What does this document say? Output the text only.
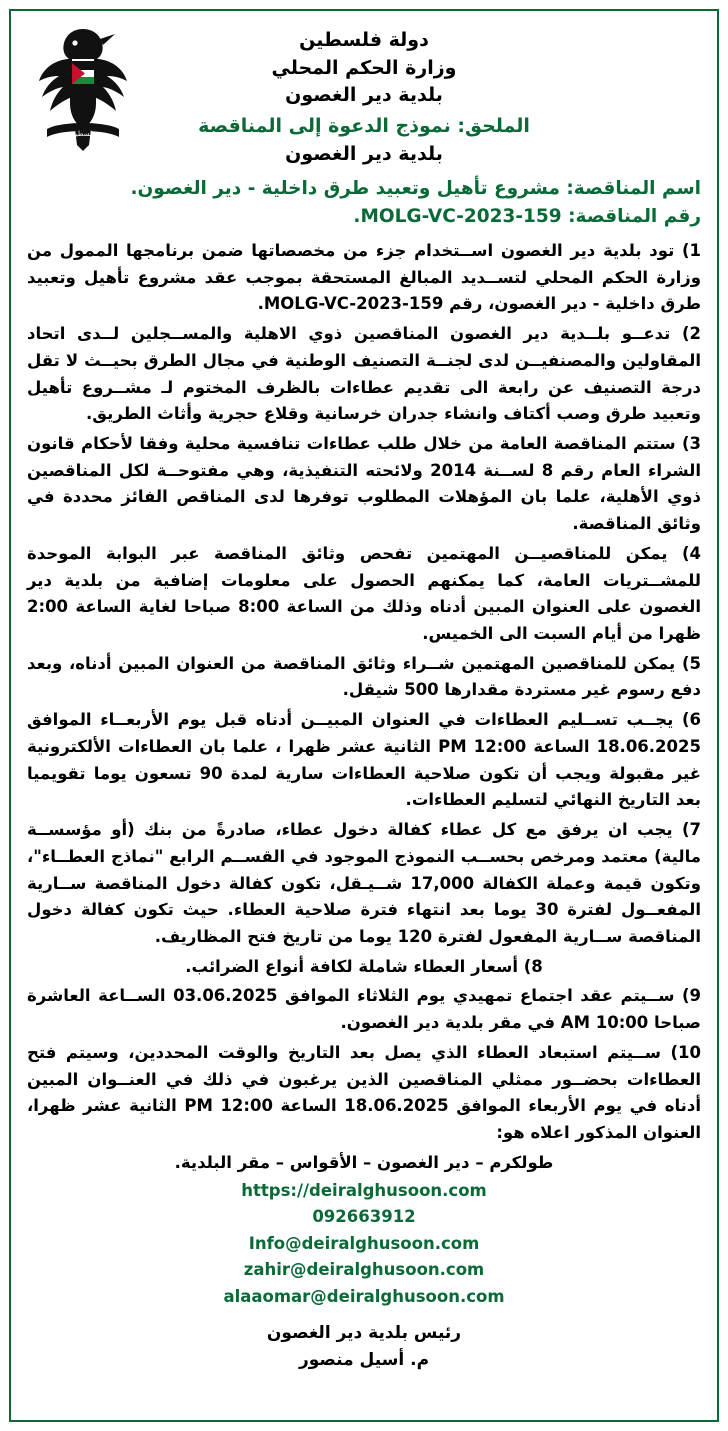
فلسطين
دولة فلسطين
وزارة الحكم المحلي
بلدية دير الغصون
الملحق: نموذج الدعوة إلى المناقصة
بلدية دير الغصون
اسم المناقصة: مشروع تأهيل وتعبيد طرق داخلية - دير الغصون.
رقم المناقصة: MOLG-VC-2023-159.

1) تود بلدية دير الغصون اســتخدام جزء من مخصصاتها ضمن برنامجها الممول من وزارة الحكم المحلي لتســديد المبالغ المستحقة بموجب عقد مشروع تأهيل وتعبيد طرق داخلية - دير الغصون، رقم MOLG-VC-2023-159.

2) تدعــو بلــدية دير الغصون المناقصين ذوي الاهلية والمســجلين لــدى اتحاد المقاولين والمصنفيــن لدى لجنــة التصنيف الوطنية في مجال الطرق بحيــث لا تقل درجة التصنيف عن رابعة الى تقديم عطاءات بالظرف المختوم لـ مشــروع تأهيل وتعبيد طرق وصب أكتاف وانشاء جدران خرسانية وقلاع حجرية وأثاث الطريق.

3) ستتم المناقصة العامة من خلال طلب عطاءات تنافسية محلية وفقا لأحكام قانون الشراء العام رقم 8 لســنة 2014 ولائحته التنفيذية، وهي مفتوحــة لكل المناقصين ذوي الأهلية، علما بان المؤهلات المطلوب توفرها لدى المناقص الفائز محددة في وثائق المناقصة.

4) يمكن للمناقصيــن المهتمين تفحص وثائق المناقصة عبر البوابة الموحدة للمشــتريات العامة، كما يمكنهم الحصول على معلومات إضافية من بلدية دير الغصون على العنوان المبين أدناه وذلك من الساعة 8:00 صباحا لغاية الساعة 2:00 ظهرا من أيام السبت الى الخميس.

5) يمكن للمناقصين المهتمين شــراء وثائق المناقصة من العنوان المبين أدناه، وبعد دفع رسوم غير مستردة مقدارها 500 شيقل.

6) يجــب تســليم العطاءات في العنوان المبيــن أدناه قبل يوم الأربعــاء الموافق 18.06.2025 الساعة 12:00 PM الثانية عشر ظهرا ، علما بان العطاءات الألكترونية غير مقبولة ويجب أن تكون صلاحية العطاءات سارية لمدة 90 تسعون يوما تقويميا بعد التاريخ النهائي لتسليم العطاءات.

7) يجب ان يرفق مع كل عطاء كفالة دخول عطاء، صادرةً من بنك (أو مؤسســة مالية) معتمد ومرخص بحســب النموذج الموجود في القســم الرابع "نماذج العطــاء"، وتكون قيمة وعملة الكفالة 17,000 شــيـقل، تكون كفالة دخول المناقصة ســارية المفعــول لفترة 30 يوما بعد انتهاء فترة صلاحية العطاء. حيث تكون كفالة دخول المناقصة ســارية المفعول لفترة 120 يوما من تاريخ فتح المظاريف.

8) أسعار العطاء شاملة لكافة أنواع الضرائب.

9) ســيتم عقد اجتماع تمهيدي يوم الثلاثاء الموافق 03.06.2025 الســاعة العاشرة صباحا 10:00 AM في مقر بلدية دير الغصون.

10) ســيتم استبعاد العطاء الذي يصل بعد التاريخ والوقت المحددين، وسيتم فتح العطاءات بحضــور ممثلي المناقصين الذين يرغبون في ذلك في العنــوان المبين أدناه في يوم الأربعاء الموافق 18.06.2025 الساعة 12:00 PM الثانية عشر ظهرا، العنوان المذكور اعلاه هو:

طولكرم – دير الغصون – الأقواس – مقر البلدية.
https://deiralghusoon.com
092663912
Info@deiralghusoon.com
zahir@deiralghusoon.com
alaaomar@deiralghusoon.com
رئيس بلدية دير الغصون
م. أسيل منصور
